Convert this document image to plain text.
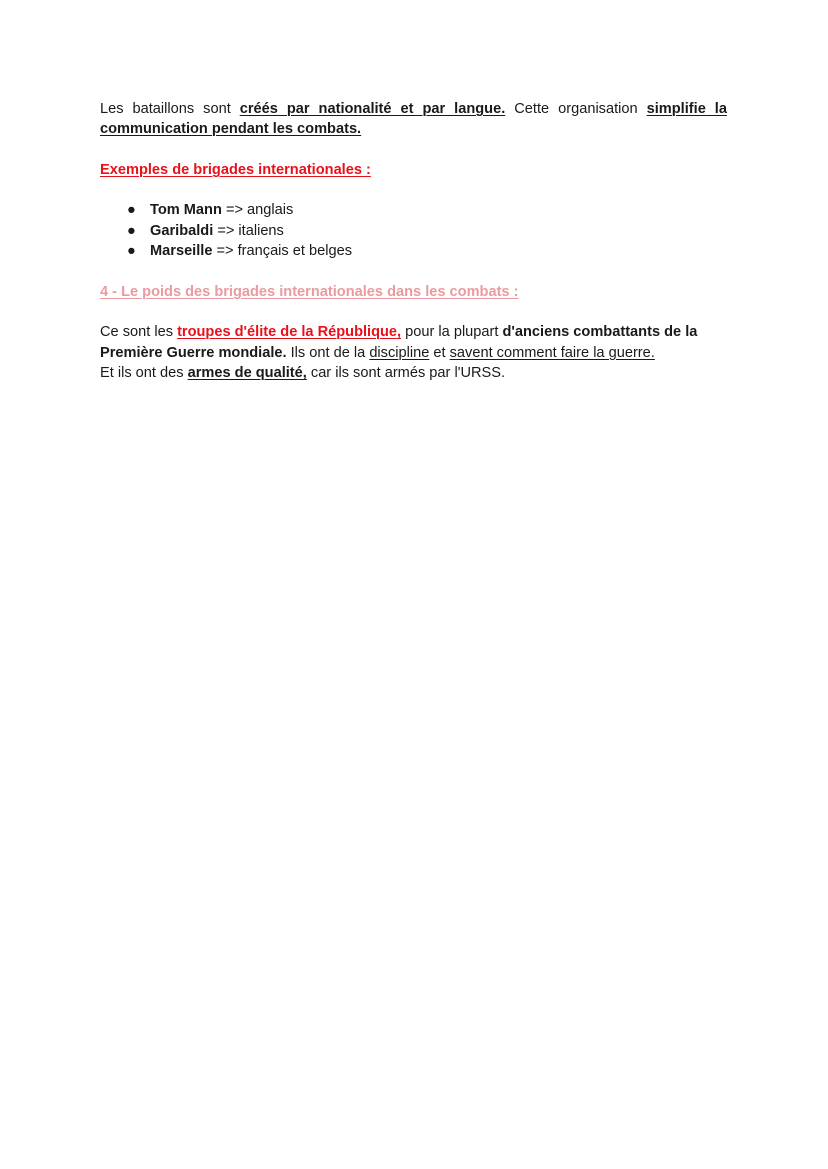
Les bataillons sont créés par nationalité et par langue. Cette organisation simplifie la communication pendant les combats.

Exemples de brigades internationales :

● Tom Mann => anglais
● Garibaldi => italiens
● Marseille => français et belges

4 - Le poids des brigades internationales dans les combats :

Ce sont les troupes d'élite de la République, pour la plupart d'anciens combattants de la Première Guerre mondiale. Ils ont de la discipline et savent comment faire la guerre.

Et ils ont des armes de qualité, car ils sont armés par l'URSS.
